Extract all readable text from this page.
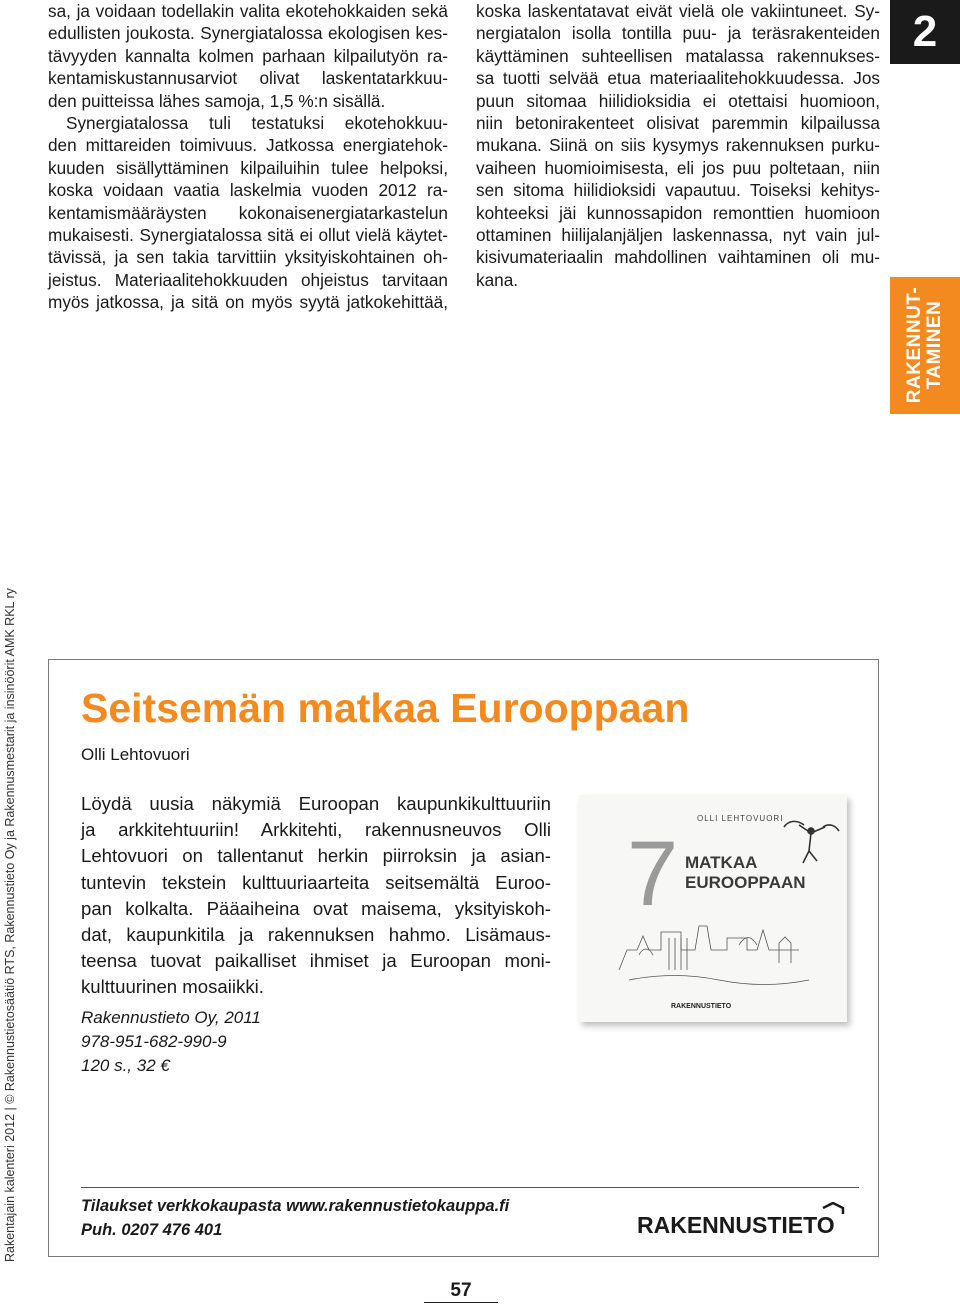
sa, ja voidaan todellakin valita ekotehokkaiden sekä
edullisten joukosta. Synergiatalossa ekologisen kes-
tävyyden kannalta kolmen parhaan kilpailutyön ra-
kentamiskustannusarviot olivat laskentatarkkuu-
den puitteissa lähes samoja, 1,5 %:n sisällä.
Synergiatalossa tuli testatuksi ekotehokkuu-
den mittareiden toimivuus. Jatkossa energiatehok-
kuuden sisällyttäminen kilpailuihin tulee helpoksi,
koska voidaan vaatia laskelmia vuoden 2012 ra-
kentamismääräysten kokonaisenergiatarkastelun
mukaisesti. Synergiatalossa sitä ei ollut vielä käytet-
tävissä, ja sen takia tarvittiin yksityiskohtainen oh-
jeistus. Materiaalitehokkuuden ohjeistus tarvitaan
myös jatkossa, ja sitä on myös syytä jatkokehittää,
koska laskentatavat eivät vielä ole vakiintuneet. Sy-
nergiatalon isolla tontilla puu- ja teräsrakenteiden
käyttäminen suhteellisen matalassa rakennukses-
sa tuotti selvää etua materiaalitehokkuudessa. Jos
puun sitomaa hiilidioksidia ei otettaisi huomioon,
niin betonirakenteet olisivat paremmin kilpailussa
mukana. Siinä on siis kysymys rakennuksen purku-
vaiheen huomioimisesta, eli jos puu poltetaan, niin
sen sitoma hiilidioksidi vapautuu. Toiseksi kehitys-
kohteeksi jäi kunnossapidon remonttien huomioon
ottaminen hiilijalanjäljen laskennassa, nyt vain jul-
kisivumateriaalin mahdollinen vaihtaminen oli mu-
kana.
2
RAKENNUT- TAMINEN
Rakentajain kalenteri 2012 | © Rakennustietosäätiö RTS, Rakennustieto Oy ja Rakennusmestarit ja insinöörit AMK RKL ry Seitsemän matkaa Eurooppaan
Olli Lehtovuori
Löydä uusia näkymiä Euroopan kaupunkikulttuuriin
ja arkkitehtuuriin! Arkkitehti, rakennusneuvos Olli
Lehtovuori on tallentanut herkin piirroksin ja asian-
tuntevin tekstein kulttuuriaarteita seitsemältä Euroo-
pan kolkalta. Pääaiheina ovat maisema, yksityiskoh-
dat, kaupunkitila ja rakennuksen hahmo. Lisämaus-
teensa tuovat paikalliset ihmiset ja Euroopan moni-
kulttuurinen mosaiikki.
Rakennustieto Oy, 2011
978-951-682-990-9
120 s., 32 €
OLLI LEHTOVUORI
7 MATKAA
EUROOPPAAN
RAKENNUSTIETO
Tilaukset verkkokaupasta www.rakennustietokauppa.fi
Puh. 0207 476 401	RAKENNUSTIETO
57
